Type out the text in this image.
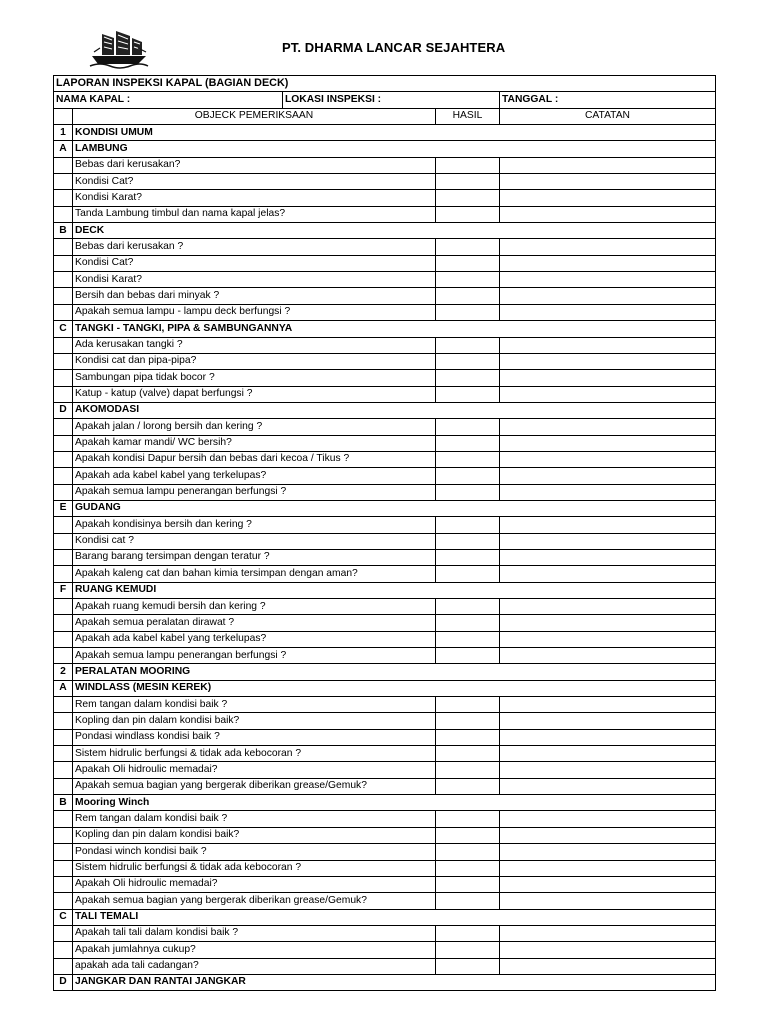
PT. DHARMA LANCAR SEJAHTERA
LAPORAN INSPEKSI KAPAL (BAGIAN DECK)				
NAMA KAPAL :		LOKASI INSPEKSI :		TANGGAL :
	OBJECK PEMERIKSAAN		HASIL	CATATAN
1	KONDISI UMUM			
A	LAMBUNG			
	Bebas dari kerusakan?			
	Kondisi Cat?			
	Kondisi Karat?			
	Tanda Lambung timbul dan nama kapal jelas?			
B	DECK			
	Bebas dari kerusakan ?			
	Kondisi Cat?			
	Kondisi Karat?			
	Bersih dan bebas dari minyak ?			
	Apakah semua lampu - lampu deck berfungsi ?			
C	TANGKI - TANGKI, PIPA & SAMBUNGANNYA			
	Ada kerusakan tangki ?			
	Kondisi cat dan pipa-pipa?			
	Sambungan pipa tidak bocor ?			
	Katup - katup (valve) dapat berfungsi ?			
D	AKOMODASI			
	Apakah jalan / lorong bersih dan kering ?			
	Apakah kamar mandi/ WC bersih?			
	Apakah kondisi Dapur bersih dan bebas dari kecoa / Tikus ?			
	Apakah ada kabel kabel yang terkelupas?			
	Apakah semua lampu penerangan berfungsi ?			
E	GUDANG			
	Apakah kondisinya bersih dan kering ?			
	Kondisi cat ?			
	Barang barang tersimpan dengan teratur ?			
	Apakah kaleng cat dan bahan kimia tersimpan dengan aman?			
F	RUANG KEMUDI			
	Apakah ruang kemudi bersih dan kering ?			
	Apakah semua peralatan dirawat ?			
	Apakah ada kabel kabel yang terkelupas?			
	Apakah semua lampu penerangan berfungsi ?			
2	PERALATAN MOORING			
A	WINDLASS (MESIN KEREK)			
	Rem tangan dalam kondisi baik ?			
	Kopling dan pin dalam kondisi baik?			
	Pondasi windlass kondisi baik ?			
	Sistem hidrulic berfungsi & tidak ada kebocoran ?			
	Apakah Oli hidroulic memadai?			
	Apakah semua bagian yang bergerak diberikan grease/Gemuk?			
B	Mooring Winch			
	Rem tangan dalam kondisi baik ?			
	Kopling dan pin dalam kondisi baik?			
	Pondasi winch kondisi baik ?			
	Sistem hidrulic berfungsi & tidak ada kebocoran ?			
	Apakah Oli hidroulic memadai?			
	Apakah semua bagian yang bergerak diberikan grease/Gemuk?			
C	TALI TEMALI			
	Apakah tali tali dalam kondisi baik ?			
	Apakah jumlahnya cukup?			
	apakah ada tali cadangan?			
D	JANGKAR DAN RANTAI JANGKAR			
